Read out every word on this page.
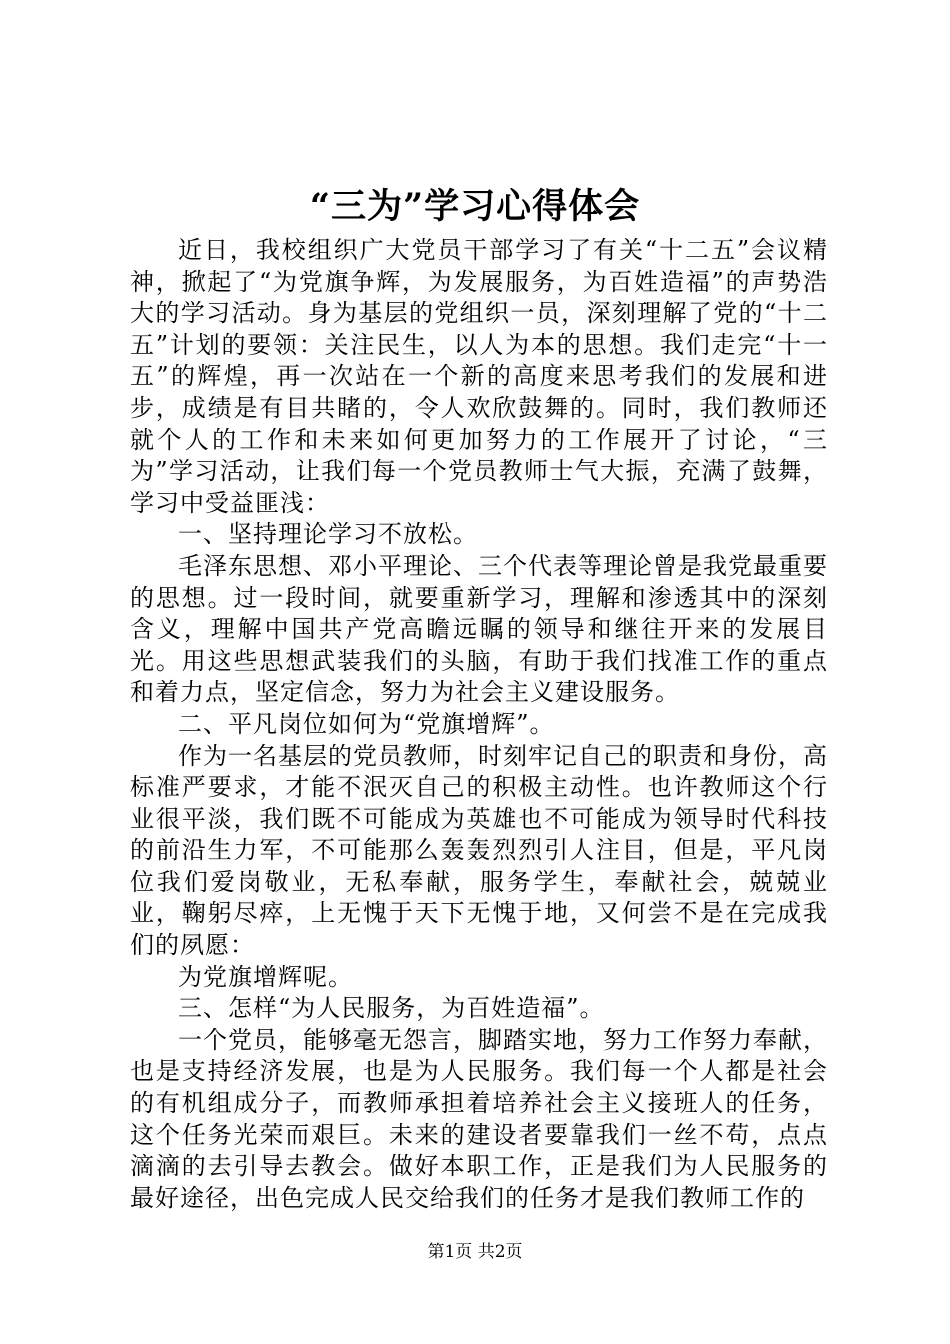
“三为”学习心得体会

近日，我校组织广大党员干部学习了有关“十二五”会议精神，掀起了“为党旗争辉，为发展服务，为百姓造福”的声势浩大的学习活动。身为基层的党组织一员，深刻理解了党的“十二五”计划的要领：关注民生，以人为本的思想。我们走完“十一五”的辉煌，再一次站在一个新的高度来思考我们的发展和进步，成绩是有目共睹的，令人欢欣鼓舞的。同时，我们教师还就个人的工作和未来如何更加努力的工作展开了讨论，“三为”学习活动，让我们每一个党员教师士气大振，充满了鼓舞，学习中受益匪浅：

一、坚持理论学习不放松。

毛泽东思想、邓小平理论、三个代表等理论曾是我党最重要的思想。过一段时间，就要重新学习，理解和渗透其中的深刻含义，理解中国共产党高瞻远瞩的领导和继往开来的发展目光。用这些思想武装我们的头脑，有助于我们找准工作的重点和着力点，坚定信念，努力为社会主义建设服务。

二、平凡岗位如何为“党旗增辉”。

作为一名基层的党员教师，时刻牢记自己的职责和身份，高标准严要求，才能不泯灭自己的积极主动性。也许教师这个行业很平淡，我们既不可能成为英雄也不可能成为领导时代科技的前沿生力军，不可能那么轰轰烈烈引人注目，但是，平凡岗位我们爱岗敬业，无私奉献，服务学生，奉献社会，兢兢业业，鞠躬尽瘁，上无愧于天下无愧于地，又何尝不是在完成我们的夙愿：

为党旗增辉呢。

三、怎样“为人民服务，为百姓造福”。

一个党员，能够毫无怨言，脚踏实地，努力工作努力奉献，也是支持经济发展，也是为人民服务。我们每一个人都是社会的有机组成分子，而教师承担着培养社会主义接班人的任务，这个任务光荣而艰巨。未来的建设者要靠我们一丝不苟，点点滴滴的去引导去教会。做好本职工作，正是我们为人民服务的最好途径，出色完成人民交给我们的任务才是我们教师工作的

第1页 共2页
